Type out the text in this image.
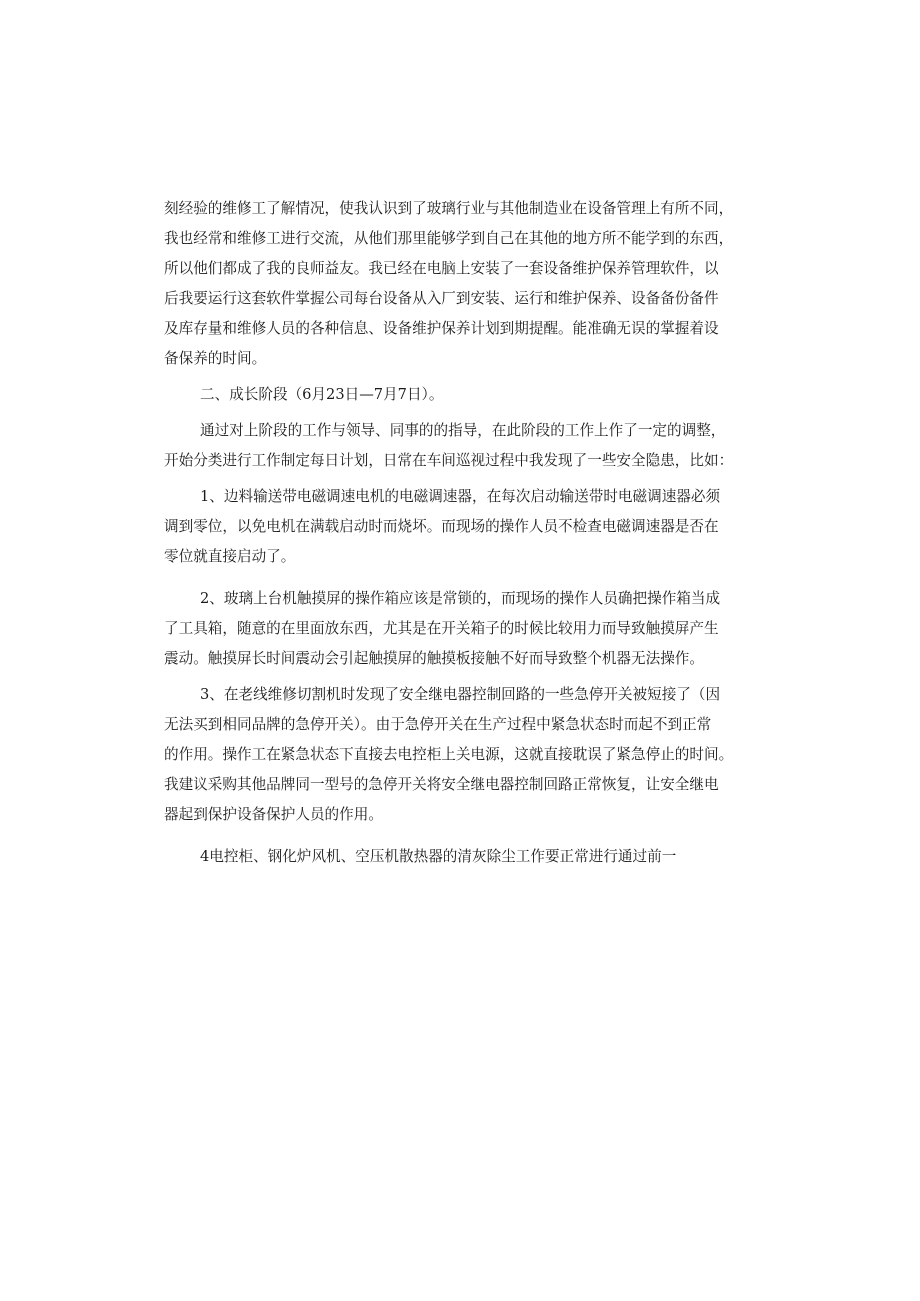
刻经验的维修工了解情况，使我认识到了玻璃行业与其他制造业在设备管理上有所不同，
我也经常和维修工进行交流，从他们那里能够学到自己在其他的地方所不能学到的东西，
所以他们都成了我的良师益友。我已经在电脑上安装了一套设备维护保养管理软件，以
后我要运行这套软件掌握公司每台设备从入厂到安装、运行和维护保养、设备备份备件
及库存量和维修人员的各种信息、设备维护保养计划到期提醒。能准确无误的掌握着设
备保养的时间。
二、成长阶段（6月23日—7月7日）。
通过对上阶段的工作与领导、同事的的指导，在此阶段的工作上作了一定的调整，
开始分类进行工作制定每日计划，日常在车间巡视过程中我发现了一些安全隐患，比如：
1、边料输送带电磁调速电机的电磁调速器，在每次启动输送带时电磁调速器必须
调到零位，以免电机在满载启动时而烧坏。而现场的操作人员不检查电磁调速器是否在
零位就直接启动了。
2、玻璃上台机触摸屏的操作箱应该是常锁的，而现场的操作人员确把操作箱当成
了工具箱，随意的在里面放东西，尤其是在开关箱子的时候比较用力而导致触摸屏产生
震动。触摸屏长时间震动会引起触摸屏的触摸板接触不好而导致整个机器无法操作。
3、在老线维修切割机时发现了安全继电器控制回路的一些急停开关被短接了（因
无法买到相同品牌的急停开关）。由于急停开关在生产过程中紧急状态时而起不到正常
的作用。操作工在紧急状态下直接去电控柜上关电源，这就直接耽误了紧急停止的时间。
我建议采购其他品牌同一型号的急停开关将安全继电器控制回路正常恢复，让安全继电
器起到保护设备保护人员的作用。
4电控柜、钢化炉风机、空压机散热器的清灰除尘工作要正常进行通过前一
